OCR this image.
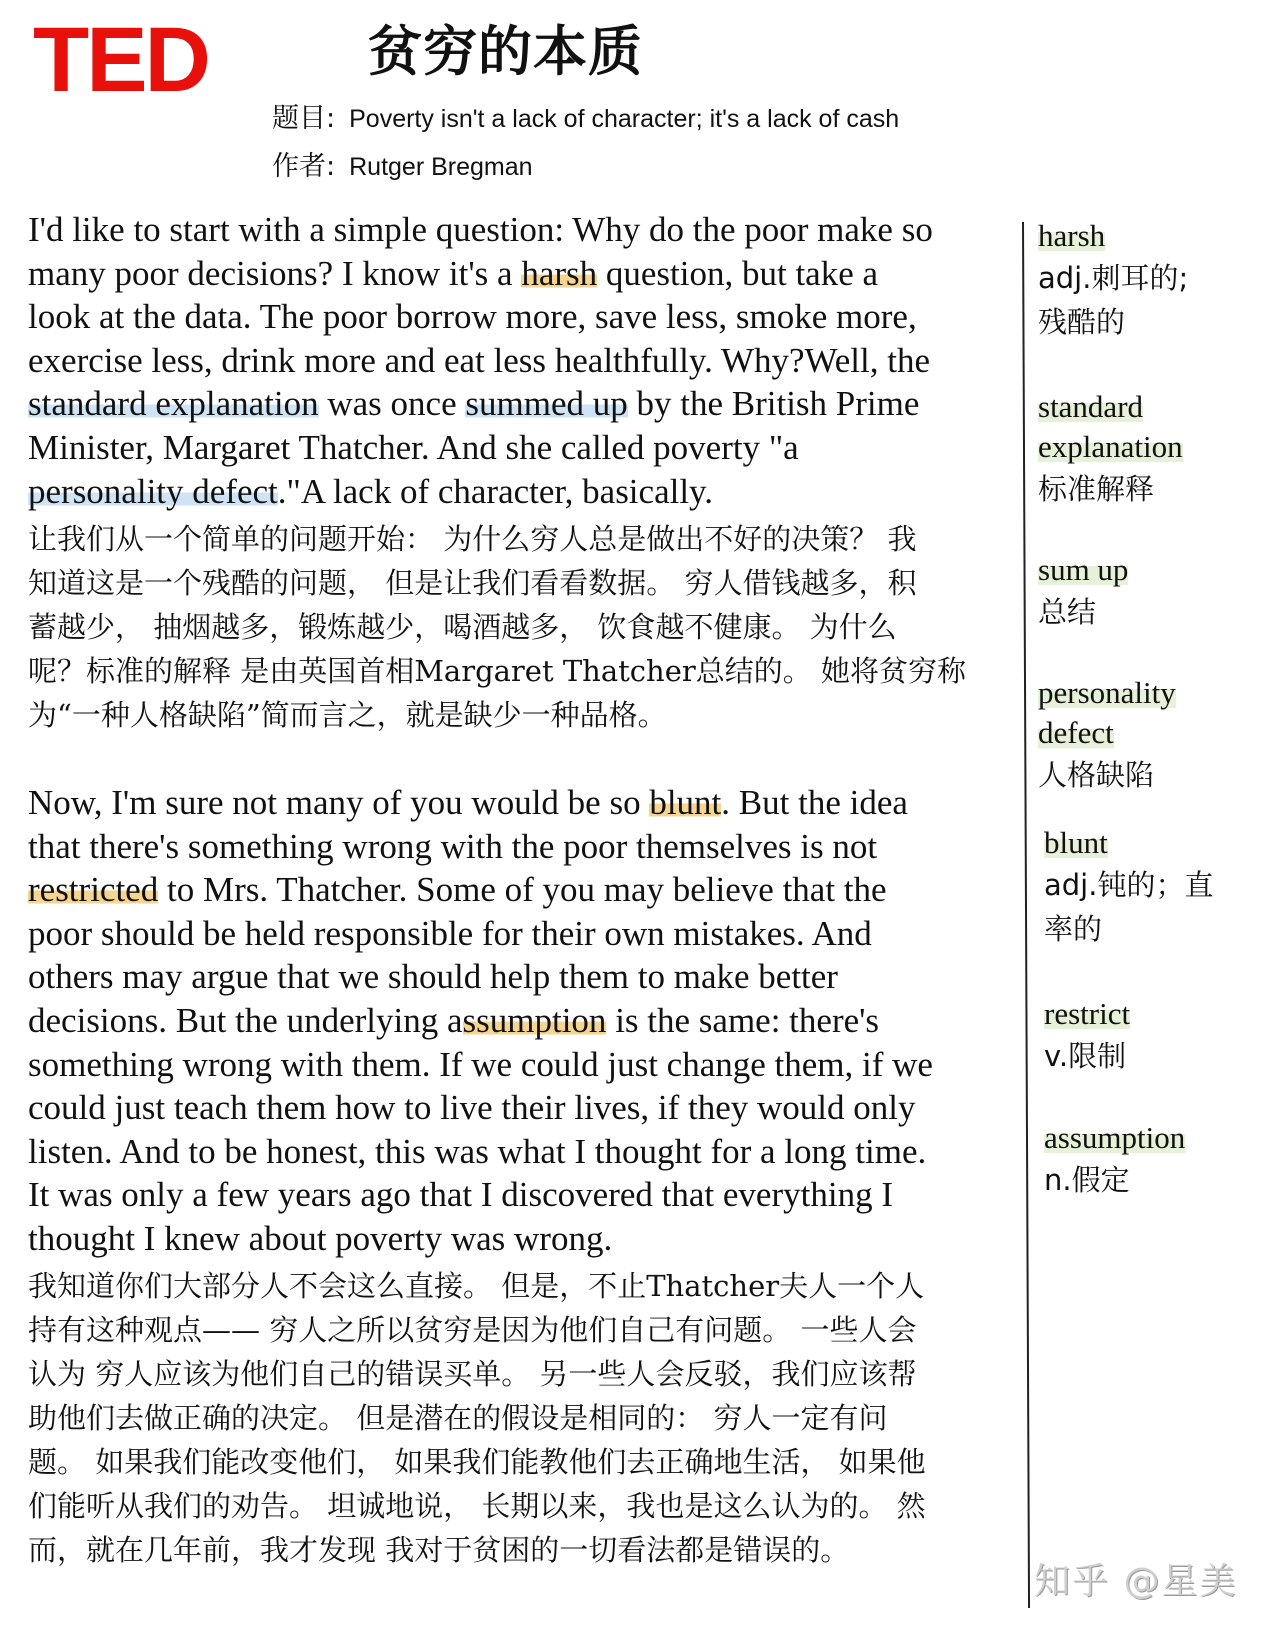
TED	贫穷的本质
题目: Poverty isn't a lack of character; it's a lack of cash
作者: Rutger Bregman
I'd like to start with a simple question: Why do the poor make so
many poor decisions? I know it's a harsh question, but take a
look at the data. The poor borrow more, save less, smoke more,
exercise less, drink more and eat less healthfully. Why?Well, the
standard explanation was once summed up by the British Prime
Minister, Margaret Thatcher. And she called poverty "a
personality defect."A lack of character, basically.
让我们从一个简单的问题开始： 为什么穷人总是做出不好的决策？ 我
知道这是一个残酷的问题， 但是让我们看看数据。 穷人借钱越多，积
蓄越少， 抽烟越多，锻炼越少，喝酒越多， 饮食越不健康。 为什么
呢？标准的解释 是由英国首相Margaret Thatcher总结的。 她将贫穷称
为“一种人格缺陷”简而言之，就是缺少一种品格。
Now, I'm sure not many of you would be so blunt. But the idea
that there's something wrong with the poor themselves is not
restricted to Mrs. Thatcher. Some of you may believe that the
poor should be held responsible for their own mistakes. And
others may argue that we should help them to make better
decisions. But the underlying assumption is the same: there's
something wrong with them. If we could just change them, if we
could just teach them how to live their lives, if they would only
listen. And to be honest, this was what I thought for a long time.
It was only a few years ago that I discovered that everything I
thought I knew about poverty was wrong.
我知道你们大部分人不会这么直接。 但是，不止Thatcher夫人一个人
持有这种观点—— 穷人之所以贫穷是因为他们自己有问题。 一些人会
认为 穷人应该为他们自己的错误买单。 另一些人会反驳，我们应该帮
助他们去做正确的决定。 但是潜在的假设是相同的： 穷人一定有问
题。 如果我们能改变他们， 如果我们能教他们去正确地生活， 如果他
们能听从我们的劝告。 坦诚地说， 长期以来，我也是这么认为的。 然
而，就在几年前，我才发现 我对于贫困的一切看法都是错误的。
harsh
adj.刺耳的;
残酷的
standard
explanation
标准解释
sum up
总结
personality
defect
人格缺陷
blunt
adj.钝的；直
率的
restrict
v.限制
assumption
n.假定
知乎 @星美
